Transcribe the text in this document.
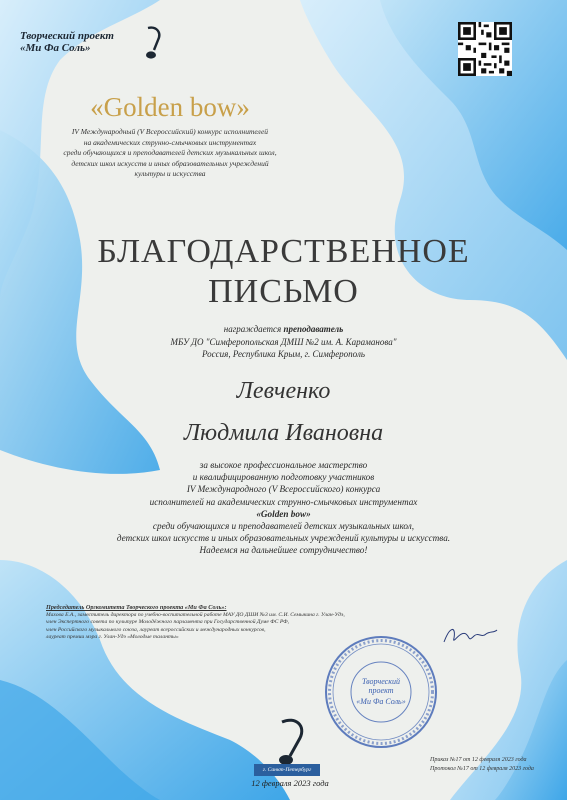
Творческий проект
«Ми Фа Соль»
«Golden bow»
IV Международный (V Всероссийский) конкурс исполнителей
на академических струнно-смычковых инструментах
среди обучающихся и преподавателей детских музыкальных школ,
детских школ искусств и иных образовательных учреждений
культуры и искусства
БЛАГОДАРСТВЕННОЕ
ПИСЬМО
награждается преподаватель
МБУ ДО "Симферопольская ДМШ №2 им. А. Караманова"
Россия, Республика Крым, г. Симферополь
Левченко
Людмила Ивановна
за высокое профессиональное мастерство
и квалифицированную подготовку участников
IV Международного (V Всероссийского) конкурса
исполнителей на академических струнно-смычковых инструментах
«Golden bow»
среди обучающихся и преподавателей детских музыкальных школ,
детских школ искусств и иных образовательных учреждений культуры и искусства.
Надеемся на дальнейшее сотрудничество!
Председатель Оргкомитета Творческого проекта «Ми Фа Соль»:
Махова Е.А., заместитель директора по учебно-воспитательной работе МАУ ДО ДШИ №3 им. С.И. Семыкина г. Улан-Удэ,
член Экспертного совета по культуре Молодёжного парламента при Государственной Думе ФС РФ,
член Российского музыкального союза, лауреат всероссийских и международных конкурсов,
лауреат премии мэра г. Улан-Удэ «Молодые таланты»
Творческий
проект
«Ми Фа Соль»
г. Санкт-Петербург
12 февраля 2023 года
Приказ №17 от 12 февраля 2023 года
Протокол №17 от 12 февраля 2023 года
